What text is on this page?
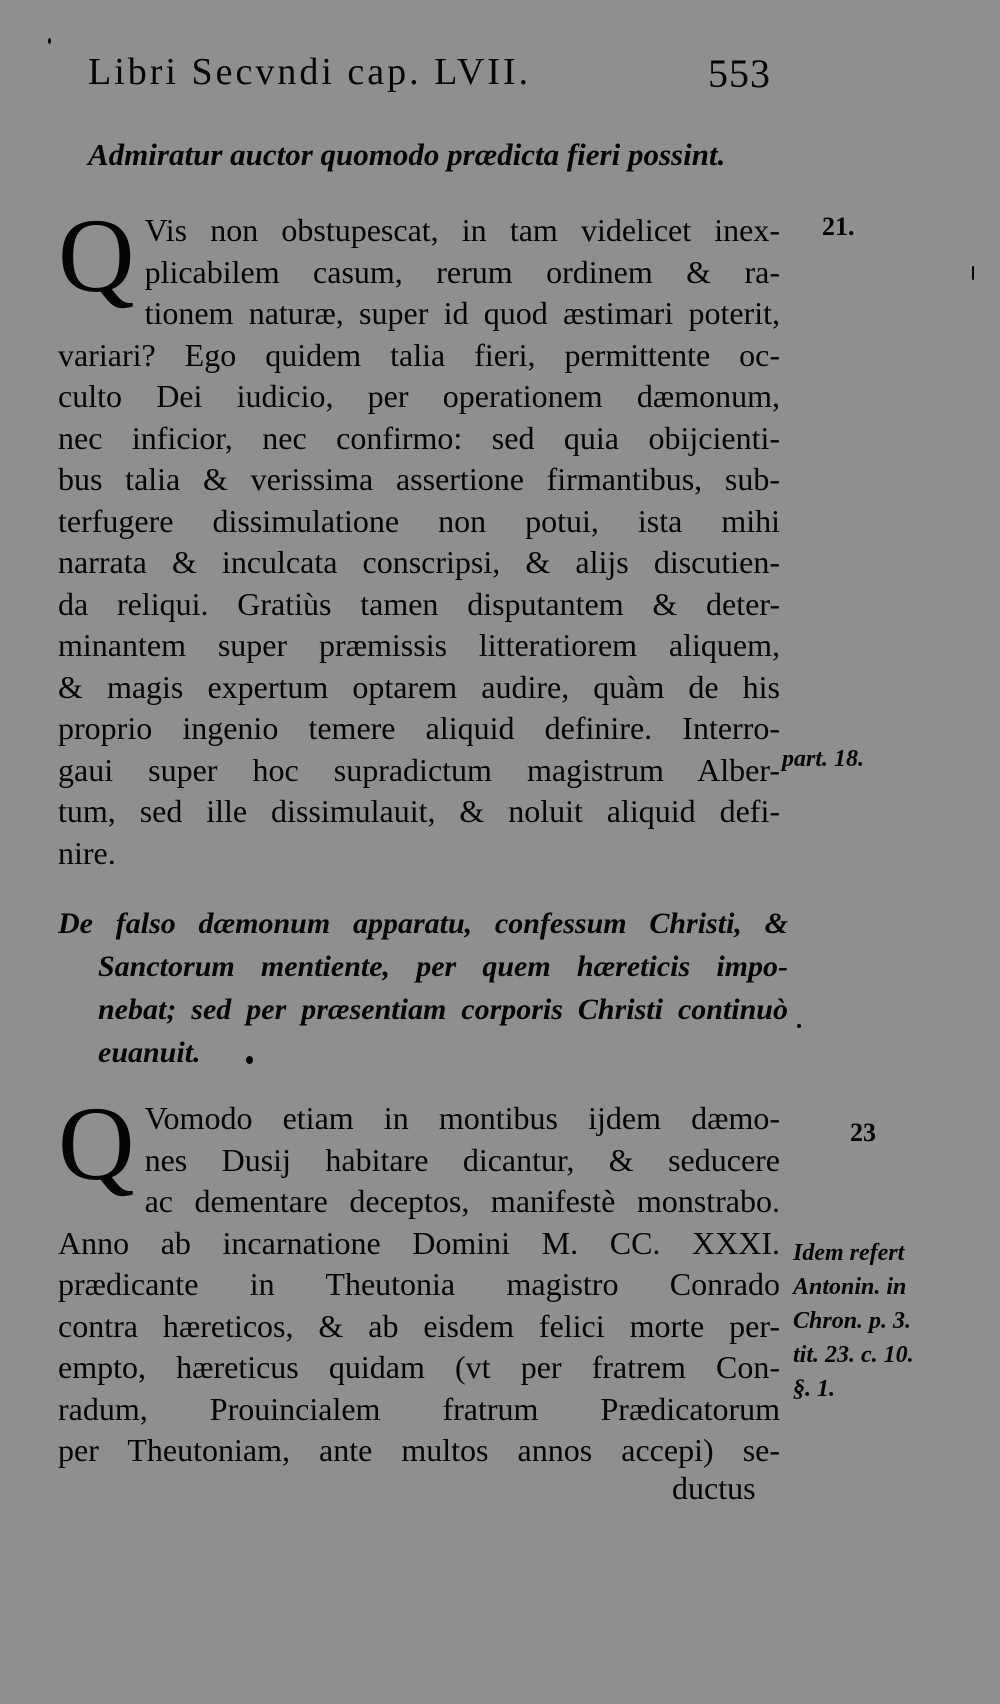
Libri Secvndi cap. LVII.	553
Admiratur auctor quomodo prædicta fieri possint.
21.
Q Vis non obstupescat, in tam videlicet inex-
plicabilem casum, rerum ordinem & ra-
tionem naturæ, super id quod æstimari poterit,
variari? Ego quidem talia fieri, permittente oc-
culto Dei iudicio, per operationem dæmonum,
nec inficior, nec confirmo: sed quia obijcienti-
bus talia & verissima assertione firmantibus, sub-
terfugere dissimulatione non potui, ista mihi
narrata & inculcata conscripsi, & alijs discutien-
da reliqui. Gratiùs tamen disputantem & deter-
minantem super præmissis litteratiorem aliquem,
& magis expertum optarem audire, quàm de his
proprio ingenio temere aliquid definire. Interro-
gaui super hoc supradictum magistrum Alber-
tum, sed ille dissimulauit, & noluit aliquid defi-
nire.
part. 18.
De falso dæmonum apparatu, confessum Christi, &
Sanctorum mentiente, per quem hæreticis impo-
nebat; sed per præsentiam corporis Christi continuò
euanuit.
23
Q Vomodo etiam in montibus ijdem dæmo-
nes Dusij habitare dicantur, & seducere
ac dementare deceptos, manifestè monstrabo.
Anno ab incarnatione Domini M. CC. XXXI.
prædicante in Theutonia magistro Conrado
contra hæreticos, & ab eisdem felici morte per-
empto, hæreticus quidam (vt per fratrem Con-
radum, Prouincialem fratrum Prædicatorum
per Theutoniam, ante multos annos accepi) se-
ductus
Idem refert
Antonin. in
Chron. p. 3.
tit. 23. c. 10.
§. 1.
